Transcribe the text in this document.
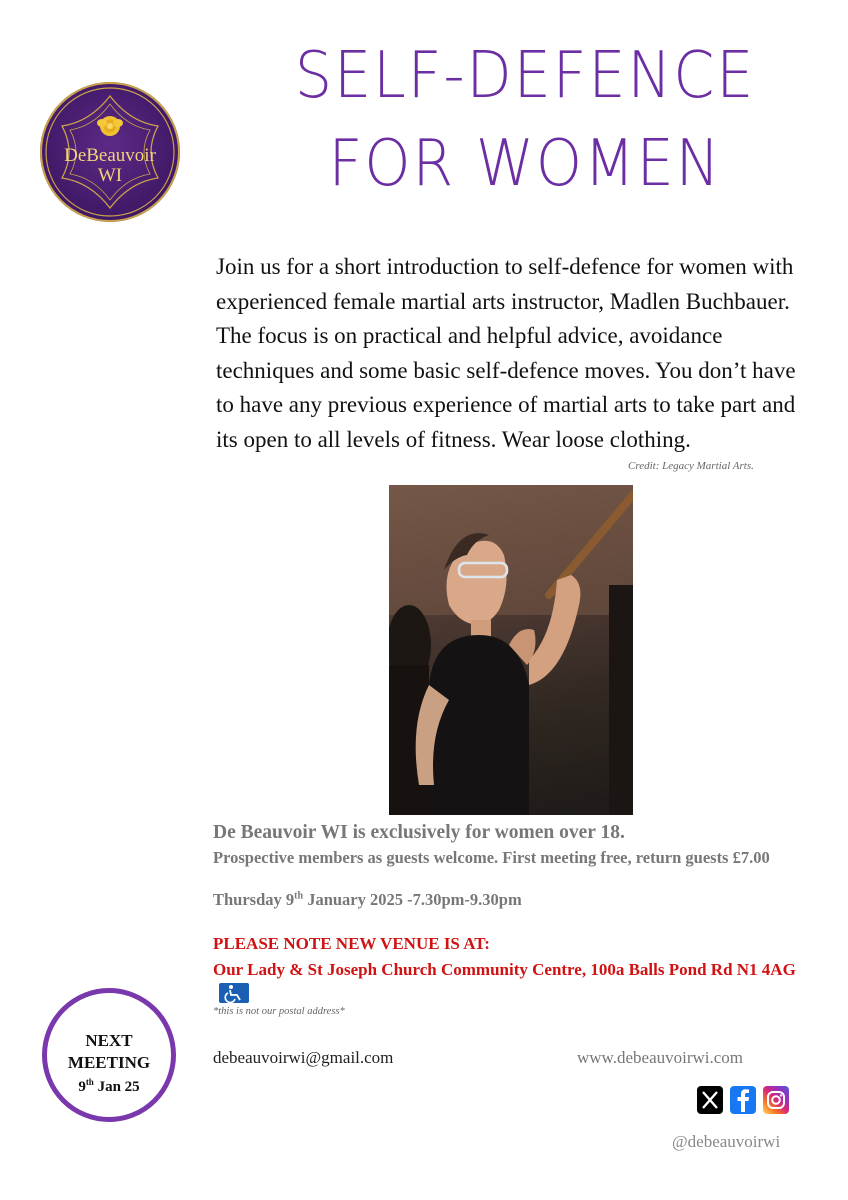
DeBeauvoir
WI
SELF-DEFENCE
FOR WOMEN
Join us for a short introduction to self-defence for women with experienced female martial arts instructor, Madlen Buchbauer. The focus is on practical and helpful advice, avoidance techniques and some basic self-defence moves. You don’t have to have any previous experience of martial arts to take part and its open to all levels of fitness. Wear loose clothing.
Credit: Legacy Martial Arts.
De Beauvoir WI is exclusively for women over 18.
Prospective members as guests welcome. First meeting free, return guests £7.00
Thursday 9th January 2025 -7.30pm-9.30pm
PLEASE NOTE NEW VENUE IS AT:
Our Lady & St Joseph Church Community Centre, 100a Balls Pond Rd N1 4AG
*this is not our postal address*
NEXT
MEETING
9th Jan 25
debeauvoirwi@gmail.com	www.debeauvoirwi.com
@debeauvoirwi
